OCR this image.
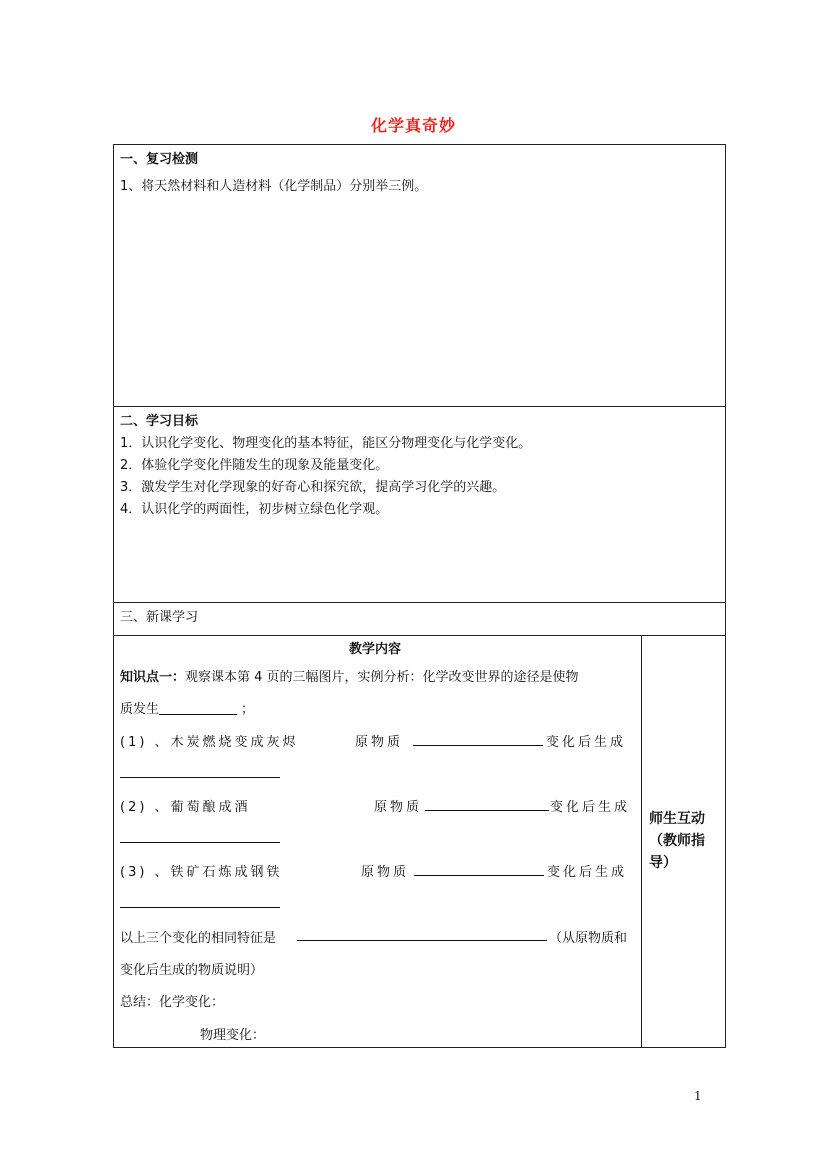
化学真奇妙
一、复习检测
1、将天然材料和人造材料（化学制品）分别举三例。
二、学习目标
1．认识化学变化、物理变化的基本特征，能区分物理变化与化学变化。
2．体验化学变化伴随发生的现象及能量变化。
3．激发学生对化学现象的好奇心和探究欲，提高学习化学的兴趣。
4．认识化学的两面性，初步树立绿色化学观。
三、新课学习
教学内容
知识点一：观察课本第 4 页的三幅图片，实例分析：化学改变世界的途径是使物
质发生	；
(1) 、木炭燃烧变成灰烬	原物质	变化后生成
(2) 、葡萄酿成酒	原物质	变化后生成
(3) 、铁矿石炼成钢铁	原物质	变化后生成
以上三个变化的相同特征是	（从原物质和
变化后生成的物质说明）
总结：化学变化：
物理变化：
师生互动（教师指导）
1
